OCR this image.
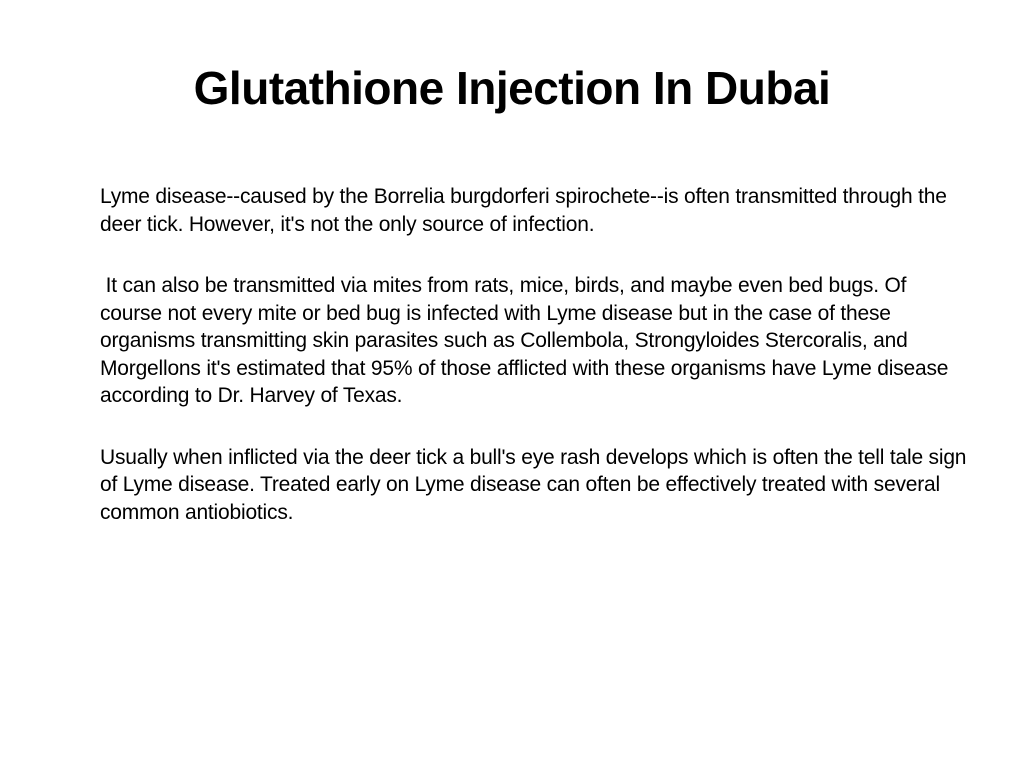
Glutathione Injection In Dubai

Lyme disease--caused by the Borrelia burgdorferi spirochete--is often transmitted through the deer tick. However, it's not the only source of infection.

It can also be transmitted via mites from rats, mice, birds, and maybe even bed bugs. Of course not every mite or bed bug is infected with Lyme disease but in the case of these organisms transmitting skin parasites such as Collembola, Strongyloides Stercoralis, and Morgellons it's estimated that 95% of those afflicted with these organisms have Lyme disease according to Dr. Harvey of Texas.

Usually when inflicted via the deer tick a bull's eye rash develops which is often the tell tale sign of Lyme disease. Treated early on Lyme disease can often be effectively treated with several common antiobiotics.
